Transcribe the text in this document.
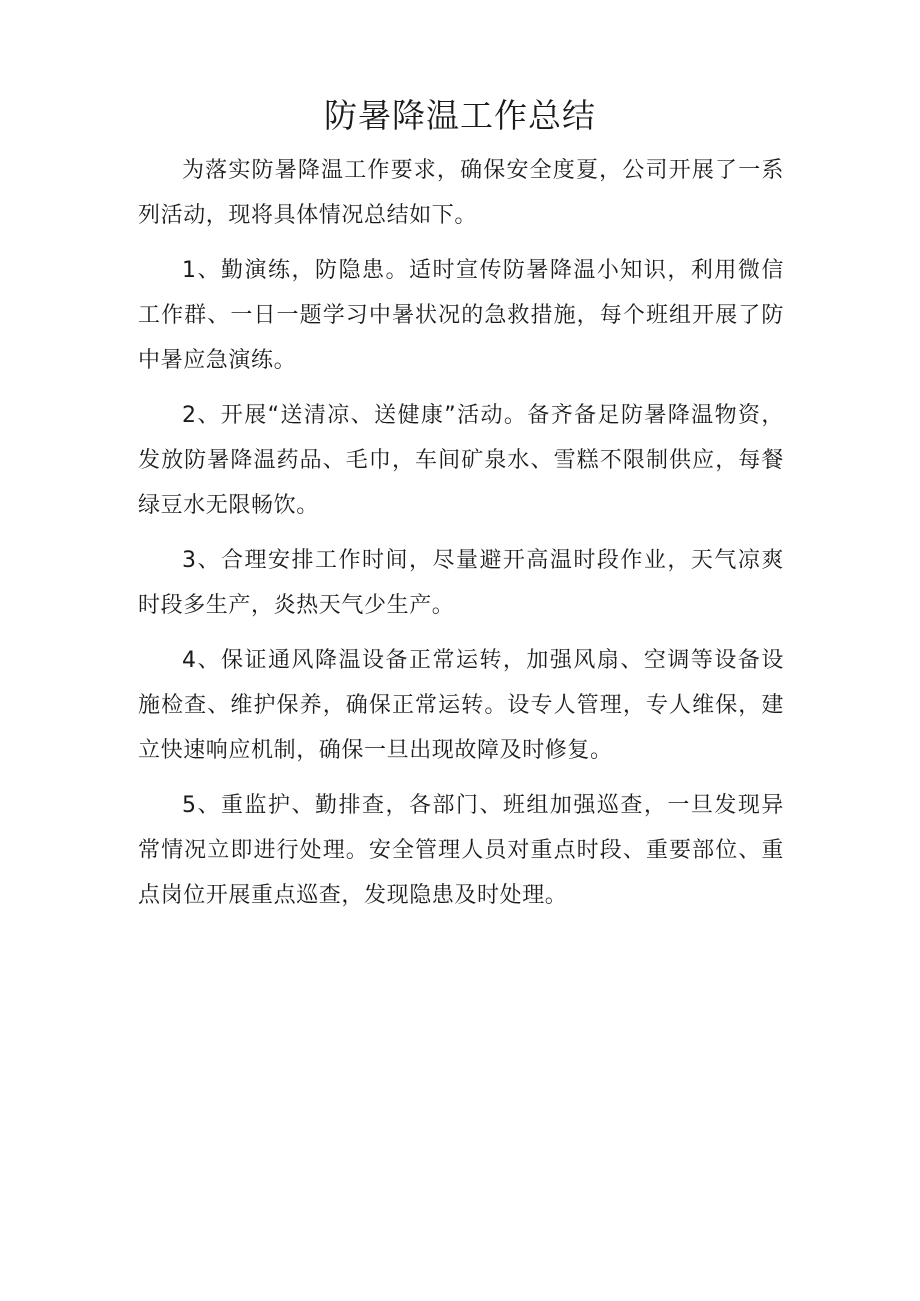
防暑降温工作总结

为落实防暑降温工作要求，确保安全度夏，公司开展了一系列活动，现将具体情况总结如下。

1、勤演练，防隐患。适时宣传防暑降温小知识，利用微信工作群、一日一题学习中暑状况的急救措施，每个班组开展了防中暑应急演练。

2、开展“送清凉、送健康”活动。备齐备足防暑降温物资，发放防暑降温药品、毛巾，车间矿泉水、雪糕不限制供应，每餐绿豆水无限畅饮。

3、合理安排工作时间，尽量避开高温时段作业，天气凉爽时段多生产，炎热天气少生产。

4、保证通风降温设备正常运转，加强风扇、空调等设备设施检查、维护保养，确保正常运转。设专人管理，专人维保，建立快速响应机制，确保一旦出现故障及时修复。

5、重监护、勤排查，各部门、班组加强巡查，一旦发现异常情况立即进行处理。安全管理人员对重点时段、重要部位、重点岗位开展重点巡查，发现隐患及时处理。
